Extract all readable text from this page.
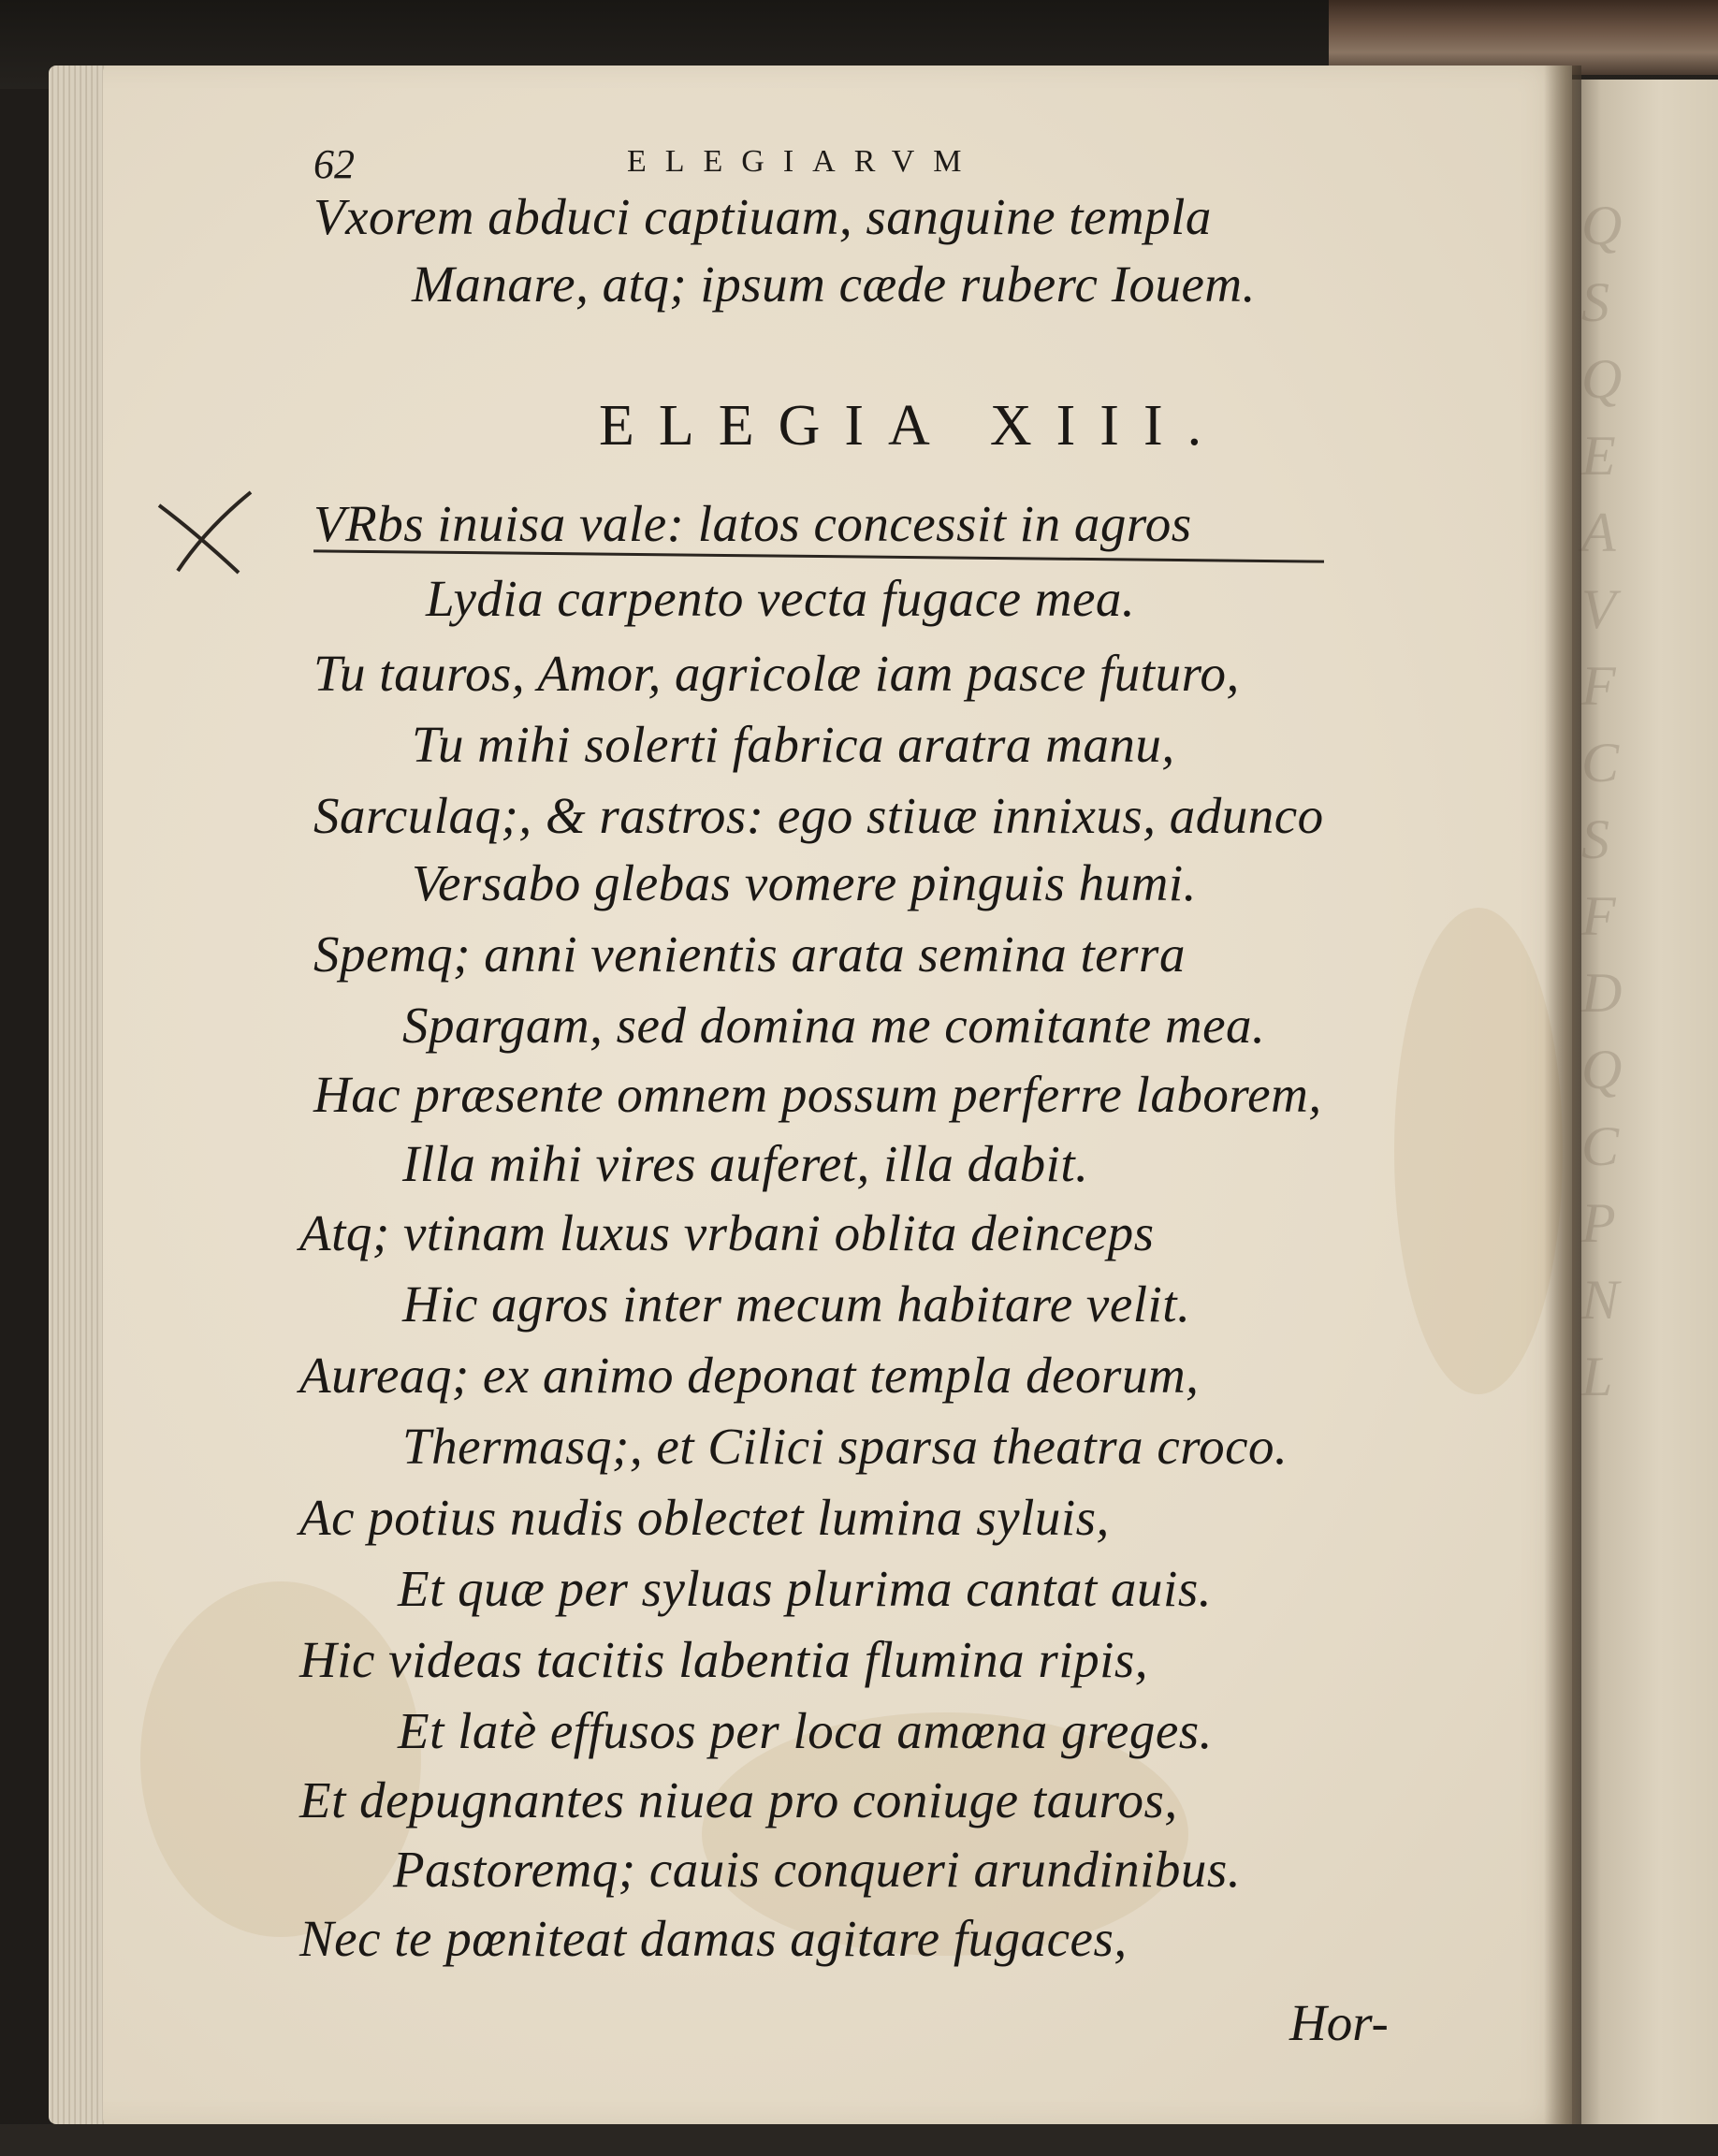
Q
S
Q
E
A
V
F
C
S
F
D
Q
C
P
N
L
62	ELEGIARVM
Vxorem abduci captiuam, sanguine templa
Manare, atq; ipsum cæde ruberc Iouem.
ELEGIA XIII.
VRbs inuisa vale: latos concessit in agros
Lydia carpento vecta fugace mea.
Tu tauros, Amor, agricolæ iam pasce futuro,
Tu mihi solerti fabrica aratra manu,
Sarculaq;, & rastros: ego stiuæ innixus, adunco
Versabo glebas vomere pinguis humi.
Spemq; anni venientis arata semina terra
Spargam, sed domina me comitante mea.
Hac præsente omnem possum perferre laborem,
Illa mihi vires auferet, illa dabit.
Atq; vtinam luxus vrbani oblita deinceps
Hic agros inter mecum habitare velit.
Aureaq; ex animo deponat templa deorum,
Thermasq;, et Cilici sparsa theatra croco.
Ac potius nudis oblectet lumina syluis,
Et quæ per syluas plurima cantat auis.
Hic videas tacitis labentia flumina ripis,
Et latè effusos per loca amœna greges.
Et depugnantes niuea pro coniuge tauros,
Pastoremq; cauis conqueri arundinibus.
Nec te pœniteat damas agitare fugaces,
Hor-
